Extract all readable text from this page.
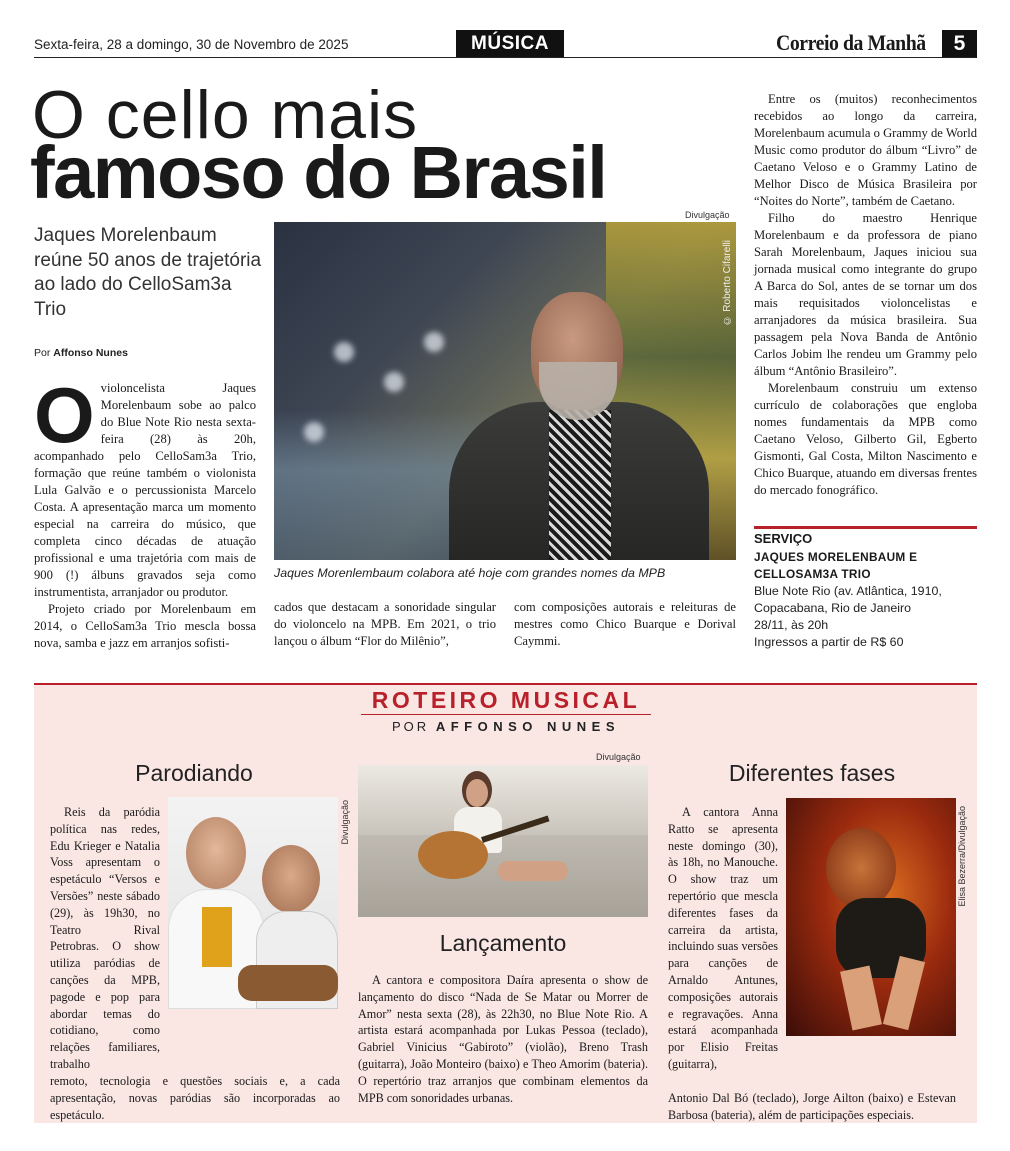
Sexta-feira, 28 a domingo, 30 de Novembro de 2025	MÚSICA	Correio da Manhã	5
O cello mais
famoso do Brasil
Jaques Morelenbaum reúne 50 anos de trajetória ao lado do CelloSam3a Trio
Por Affonso Nunes

Ovioloncelista Jaques Morelenbaum sobe ao palco do Blue Note Rio nesta sexta-feira (28) às 20h, acompanhado pelo CelloSam3a Trio, formação que reúne também o violonista Lula Galvão e o percussionista Marcelo Costa. A apresentação marca um momento especial na carreira do músico, que completa cinco décadas de atuação profissional e uma trajetória com mais de 900 (!) álbuns gravados seja como instrumentista, arranjador ou produtor.

Projeto criado por Morelenbaum em 2014, o CelloSam3a Trio mescla bossa nova, samba e jazz em arranjos sofisti-

Divulgação
© Roberto Cifarelli
Jaques Morenlembaum colabora até hoje com grandes nomes da MPB

cados que destacam a sonoridade singular do violoncelo na MPB. Em 2021, o trio lançou o álbum “Flor do Milênio”,

com composições autorais e releituras de mestres como Chico Buarque e Dorival Caymmi.

Entre os (muitos) reconhecimentos recebidos ao longo da carreira, Morelenbaum acumula o Grammy de World Music como produtor do álbum “Livro” de Caetano Veloso e o Grammy Latino de Melhor Disco de Música Brasileira por “Noites do Norte”, também de Caetano.

Filho do maestro Henrique Morelenbaum e da professora de piano Sarah Morelenbaum, Jaques iniciou sua jornada musical como integrante do grupo A Barca do Sol, antes de se tornar um dos mais requisitados violoncelistas e arranjadores da música brasileira. Sua passagem pela Nova Banda de Antônio Carlos Jobim lhe rendeu um Grammy pelo álbum “Antônio Brasileiro”.

Morelenbaum construiu um extenso currículo de colaborações que engloba nomes fundamentais da MPB como Caetano Veloso, Gilberto Gil, Egberto Gismonti, Gal Costa, Milton Nascimento e Chico Buarque, atuando em diversas frentes do mercado fonográfico.

SERVIÇO
JAQUES MORELENBAUM E CELLOSAM3A TRIO
Blue Note Rio (av. Atlântica, 1910,
Copacabana, Rio de Janeiro
28/11, às 20h
Ingressos a partir de R$ 60
ROTEIRO MUSICAL
POR AFFONSO NUNES
Parodiando
Divulgação

Reis da paródia política nas redes, Edu Krieger e Natalia Voss apresentam o espetáculo “Versos e Versões” neste sábado (29), às 19h30, no Teatro Rival Petrobras. O show utiliza paródias de canções da MPB, pagode e pop para abordar temas do cotidiano, como relações familiares, trabalho

remoto, tecnologia e questões sociais e, a cada apresentação, novas paródias são incorporadas ao espetáculo.

Divulgação
Lançamento

A cantora e compositora Daíra apresenta o show de lançamento do disco “Nada de Se Matar ou Morrer de Amor” nesta sexta (28), às 22h30, no Blue Note Rio. A artista estará acompanhada por Lukas Pessoa (teclado), Gabriel Vinicius “Gabiroto” (violão), Breno Trash (guitarra), João Monteiro (baixo) e Theo Amorim (bateria). O repertório traz arranjos que combinam elementos da MPB com sonoridades urbanas.

Diferentes fases

A cantora Anna Ratto se apresenta neste domingo (30), às 18h, no Manouche. O show traz um repertório que mescla diferentes fases da carreira da artista, incluindo suas versões para canções de Arnaldo Antunes, composições autorais e regravações. Anna estará acompanhada por Elisio Freitas (guitarra),

Elisa Bezerra/Divulgação

Antonio Dal Bó (teclado), Jorge Ailton (baixo) e Estevan Barbosa (bateria), além de participações especiais.
